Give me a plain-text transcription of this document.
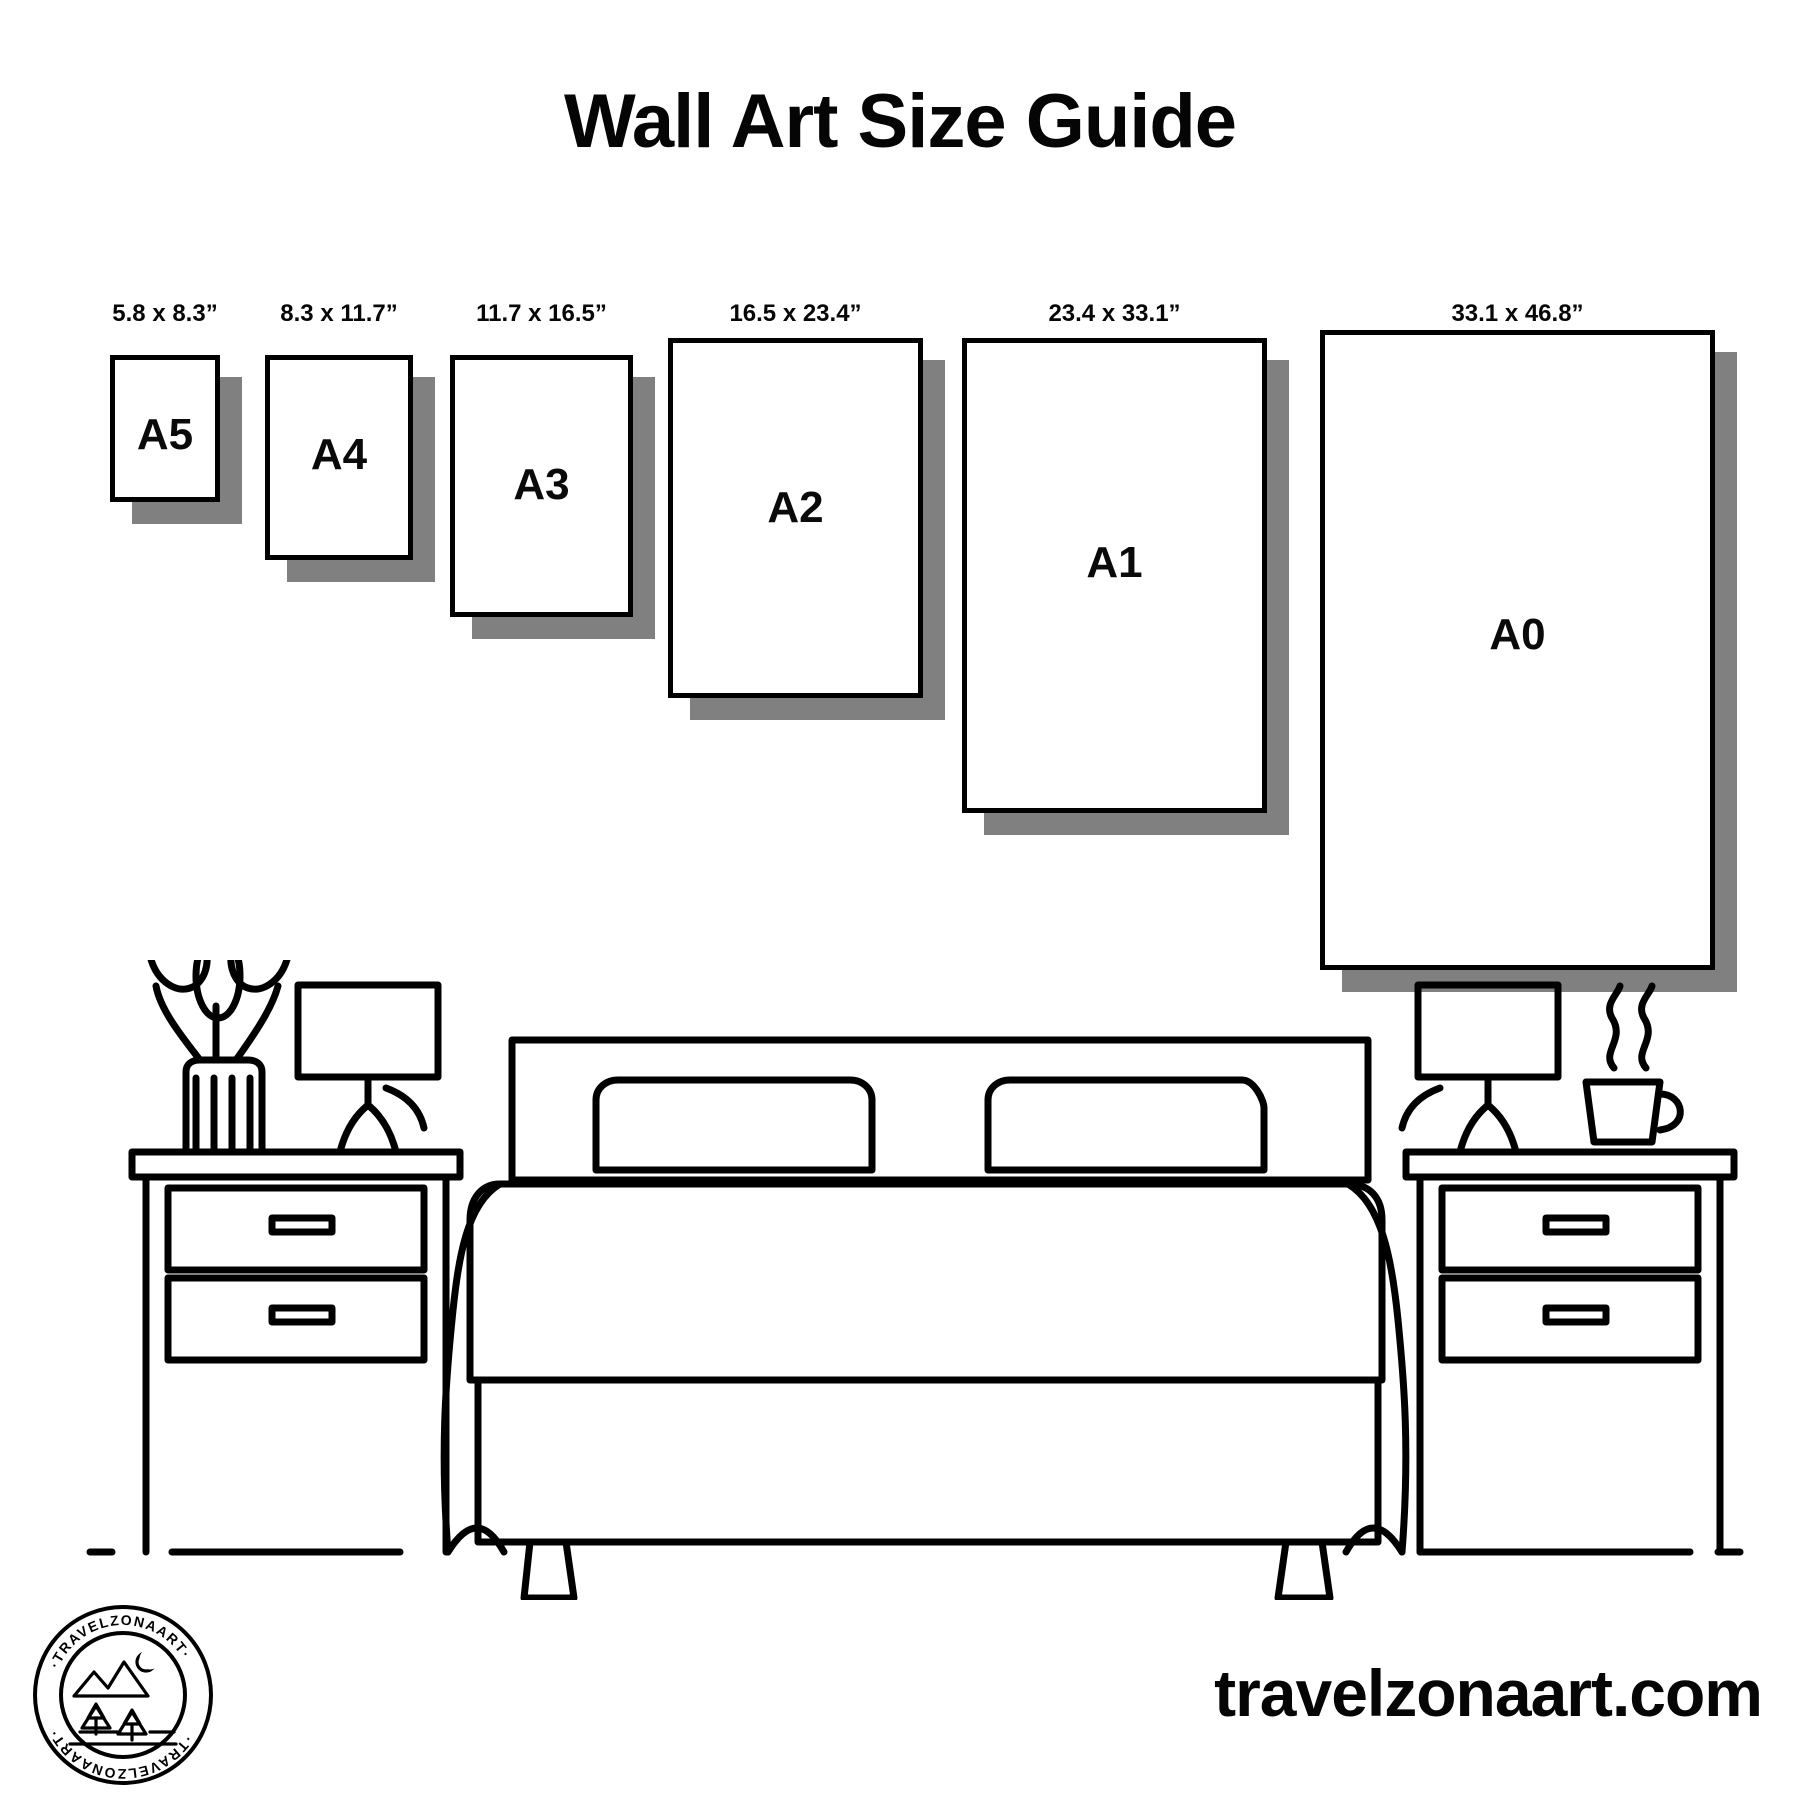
Wall Art Size Guide
5.8 x 8.3”
A5
8.3 x 11.7”
A4
11.7 x 16.5”
A3
16.5 x 23.4”
A2
23.4 x 33.1”
A1
33.1 x 46.8”
A0
·TRAVELZONAART·
·TRAVELZONAART·
travelzonaart.com
